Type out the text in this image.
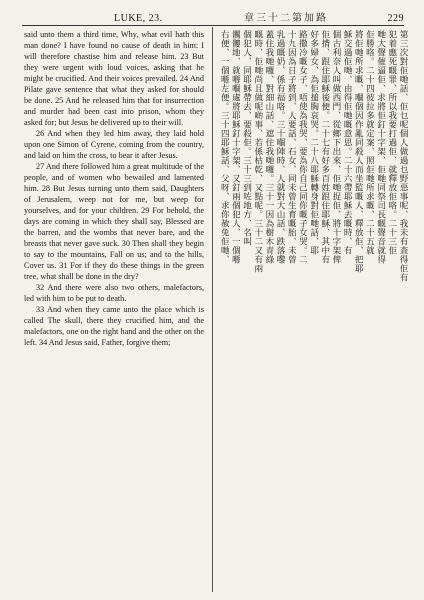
LUKE, 23.	章三十二第加路	229

said unto them a third time, Why, what evil hath this man done? I have found no cause of death in him: I will therefore chastise him and release him. 23 But they were urgent with loud voices, asking that he might be crucified. And their voices prevailed. 24 And Pilate gave sentence that what they asked for should be done. 25 And he released him that for insurrection and murder had been cast into prison, whom they asked for; but Jesus he delivered up to their will.

26 And when they led him away, they laid hold upon one Simon of Cyrene, coming from the country, and laid on him the cross, to bear it after Jesus.

27 And there followed him a great multitude of the people, and of women who bewailed and lamented him. 28 But Jesus turning unto them said, Daughters of Jerusalem, weep not for me, but weep for yourselves, and for your children. 29 For behold, the days are coming in which they shall say, Blessed are the barren, and the wombs that never bare, and the breasts that never gave suck. 30 Then shall they begin to say to the mountains, Fall on us; and to the hills, Cover us. 31 For if they do these things in the green tree, what shall be done in the dry?

32 And there were also two others, malefactors, led with him to be put to death.

33 And when they came unto the place which is called The skull, there they crucified him, and the malefactors, one on the right hand and the other on the left. 34 And Jesus said, Father, forgive them;

第三次對佢哋話、佢乜呢個人做過乜野惡事呢、我未有查得佢有
犯着應死嘅罪、所以我要打過佢、就釋放佢咯。二十三佢
哋大聲催逼佢、求將佢釘十字架、佢哋同祭司長嘅聲音就得
佢勝咯。二十四彼拉多就定案、照佢哋所求嘅、二十五就
將佢哋所求嘅、嗰個因作亂同殺人而坐監嘅人、釋放佢、把耶
穌交過佢哋、由得佢哋嘅意思。二十六帶耶穌去嘅時、有
個古利奈人叫做西門、從鄉下出來、佢哋捉佢、將十字架俾
佢揹、跟住耶穌後便。二十七有好多百姓跟住耶穌、其中有
好多婦女、為佢搥胸哀哭。二十八耶穌轉身對佢哋話、耶
路撒冷嘅女子、唔使為我哭、要為你自己同你嘅子女哭。二
十九因為日子將到、人要話、石女、同未曾生育嘅胎、未曾
乳過嘅奶、係有福咯。三十嗰陣時、人就對大山話、跌落嚟
蓋住我哋囉、對細山話、遮住我哋囉。三十一因為樹木青綠
嘅時、佢哋尚且做呢啲事、若係枯乾、又點呢。三十二又有兩
個犯人、同耶穌帶去、要殺佢。三十三到咗地方、名叫
髑髏地、就喺嗰處將耶穌釘十字架、又釘兩個犯人、一個喺
右便、一個喺左便。三十四耶穌話、父呀、求你赦免佢哋、
